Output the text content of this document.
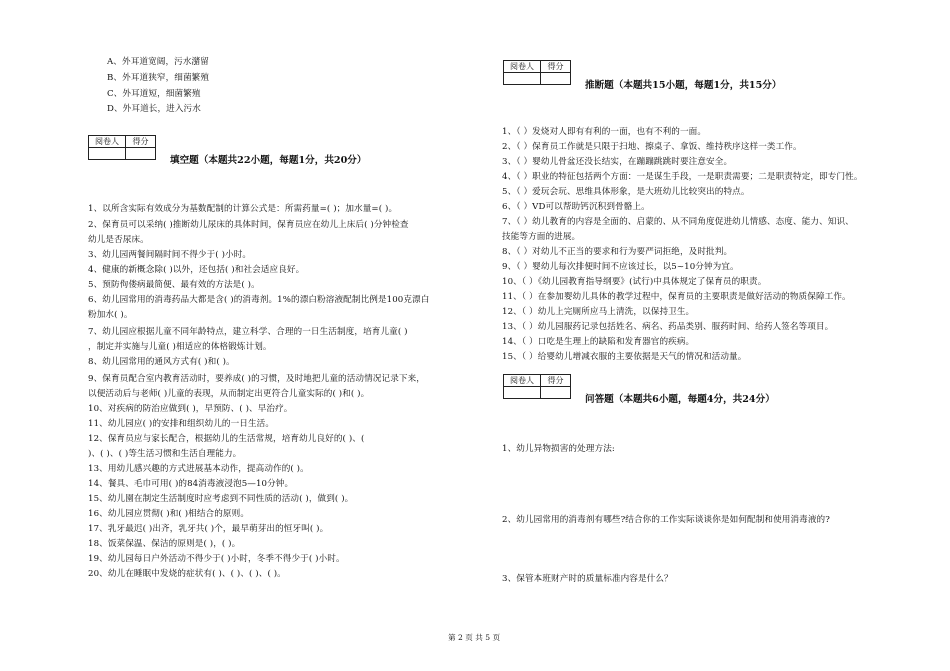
A、外耳道宽阔，污水潴留
B、外耳道狭窄，细菌繁殖
C、外耳道短，细菌繁殖
D、外耳道长，进入污水
阅卷人	得分

填空题（本题共22小题，每题1分，共20分）
1、以所含实际有效成分为基数配制的计算公式是：所需药量=( )；加水量=( )。
2、保育员可以采纳( )推断幼儿尿床的具体时间，保育员应在幼儿上床后( )分钟检查
幼儿是否尿床。
3、幼儿园两餐间隔时间不得少于( )小时。
4、健康的新概念除( )以外，还包括( )和社会适应良好。
5、预防佝偻病最简便、最有效的方法是( )。
6、幼儿园常用的消毒药品大都是含( )的消毒剂。1%的漂白粉溶液配制比例是100克漂白
粉加水( )。
7、幼儿园应根据儿童不同年龄特点，建立科学、合理的一日生活制度，培育儿童( )
，制定并实施与儿童( )相适应的体格锻炼计划。
8、幼儿园常用的通风方式有( )和( )。
9、保育员配合室内教育活动时，要养成( )的习惯，及时地把儿童的活动情况记录下来，
以便活动后与老师( )儿童的表现，从而制定出更符合儿童实际的( )和( )。
10、对疾病的防治应做到( )，早预防、( )、早治疗。
11、幼儿园应( )的安排和组织幼儿的一日生活。
12、保育员应与家长配合，根据幼儿的生活常规，培育幼儿良好的( )、(
)、( )、( )等生活习惯和生活自理能力。
13、用幼儿感兴趣的方式进展基本动作，提高动作的( )。
14、餐具、毛巾可用( )的84消毒液浸泡5—10分钟。
15、幼儿園在制定生活制度时应考虑到不同性质的活动( )，做到( )。
16、幼儿园应贯彻( )和( )相结合的原则。
17、乳牙最迟( )出齐，乳牙共( )个，最早萌芽出的恒牙叫( )。
18、饭菜保温、保洁的原则是( )，( )。
19、幼儿园每日户外活动不得少于( )小时，冬季不得少于( )小时。
20、幼儿在睡眠中发烧的症状有( )、( )、( )、( )。
阅卷人	得分

推断题（本题共15小题，每题1分，共15分）
1、（ ）发烧对人即有有利的一面，也有不利的一面。
2、（ ）保育员工作就是只限于扫地、擦桌子、拿饭、维持秩序这样一类工作。
3、（ ）婴幼儿骨盆还没长结实，在蹦蹦跳跳时要注意安全。
4、（ ）职业的特征包括两个方面：一是谋生手段，一是职责需要；二是职责特定，即专门性。
5、（ ）爱玩会玩、思维具体形象，是大班幼儿比较突出的特点。
6、（ ）VD可以帮助钙沉积到骨骼上。
7、（ ）幼儿教育的内容是全面的、启蒙的、从不同角度促进幼儿情感、态度、能力、知识、
技能等方面的进展。
8、（ ）对幼儿不正当的要求和行为要严词拒绝，及时批判。
9、（ ）婴幼儿每次排便时间不应该过长，以5~10分钟为宜。
10、（ ）《幼儿园教育指导纲要》(试行)中具体规定了保育员的职责。
11、（ ）在参加婴幼儿具体的教学过程中，保育员的主要职责是做好活动的物质保障工作。
12、（ ）幼儿上完厕所应马上清洗，以保持卫生。
13、（ ）幼儿园服药记录包括姓名、病名、药品类别、服药时间、给药人签名等项目。
14、（ ）口吃是生理上的缺陷和发育器官的疾病。
15、（ ）给婴幼儿增减衣服的主要依据是天气的情况和活动量。
阅卷人	得分

问答题（本题共6小题，每题4分，共24分）
1、幼儿异物损害的处理方法:
2、幼儿园常用的消毒剂有哪些?结合你的工作实际谈谈你是如何配制和使用消毒液的?
3、保管本班财产时的质量标准内容是什么？
第 2 页 共 5 页
